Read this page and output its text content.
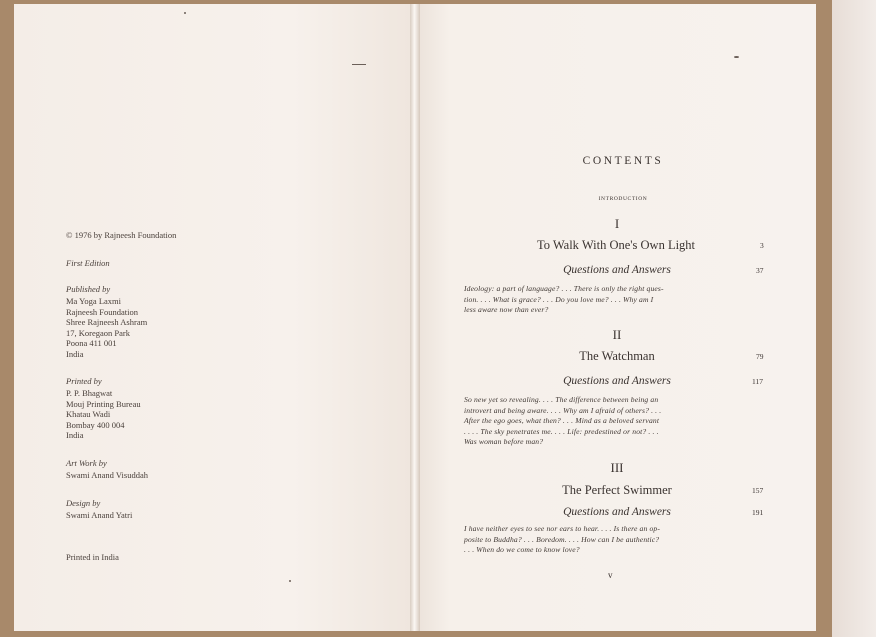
© 1976 by Rajneesh Foundation
First Edition
Published by
Ma Yoga Laxmi
Rajneesh Foundation
Shree Rajneesh Ashram
17, Koregaon Park
Poona 411 001
India
Printed by
P. P. Bhagwat
Mouj Printing Bureau
Khatau Wadi
Bombay 400 004
India
Art Work by
Swami Anand Visuddah
Design by
Swami Anand Yatri
Printed in India
CONTENTS
INTRODUCTION
I
To Walk With One's Own Light	3
Questions and Answers	37
Ideology: a part of language? . . . There is only the right ques-
tion. . . . What is grace? . . . Do you love me? . . . Why am I
less aware now than ever?
II
The Watchman	79
Questions and Answers	117
So new yet so revealing. . . . The difference between being an
introvert and being aware. . . . Why am I afraid of others? . . .
After the ego goes, what then? . . . Mind as a beloved servant
. . . . The sky penetrates me. . . . Life: predestined or not? . . .
Was woman before man?
III
The Perfect Swimmer	157
Questions and Answers	191
I have neither eyes to see nor ears to hear. . . . Is there an op-
posite to Buddha? . . . Boredom. . . . How can I be authentic?
. . . When do we come to know love?
v
